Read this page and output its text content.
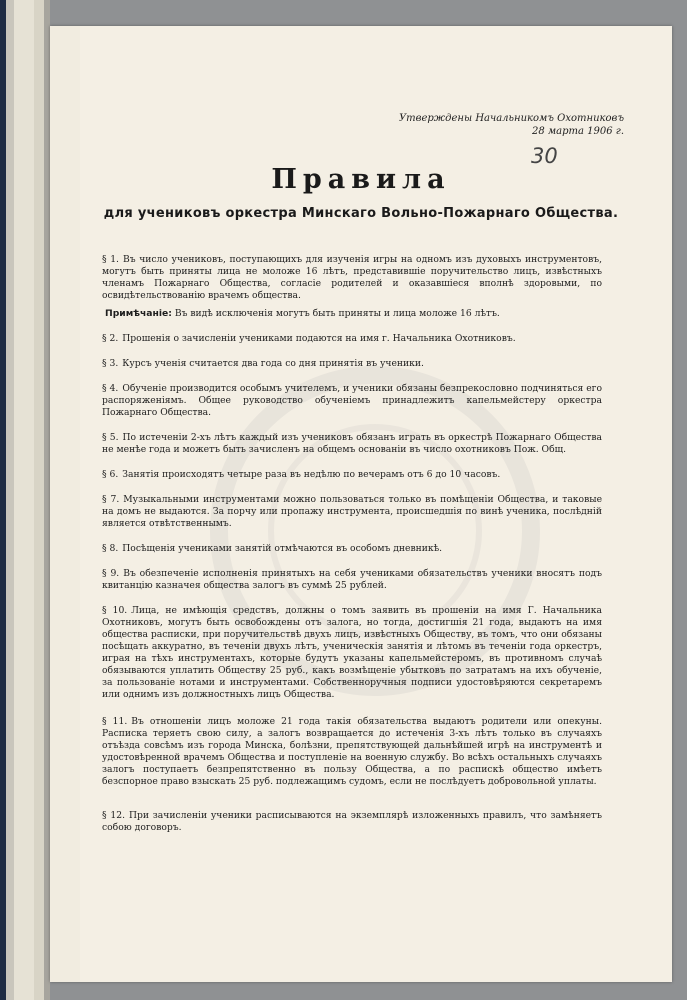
Утверждены Начальникомъ Охотниковъ
28 марта 1906 г.
30
Правила
для учениковъ оркестра Минскаго Вольно-Пожарнаго Общества.
§ 1. Въ число учениковъ, поступающихъ для изученія игры на одномъ изъ духовыхъ инструментовъ, могутъ быть приняты лица не моложе 16 лѣтъ, представившіе поручительство лицъ, извѣстныхъ членамъ Пожарнаго Общества, согласіе родителей и оказавшіеся вполнѣ здоровыми, по освидѣтельствованію врачемъ общества.
Примѣчаніе: Въ видѣ исключенія могутъ быть приняты и лица моложе 16 лѣтъ.
§ 2. Прошенія о зачисленіи учениками подаются на имя г. Начальника Охотниковъ.
§ 3. Курсъ ученія считается два года со дня принятія въ ученики.
§ 4. Обученіе производится особымъ учителемъ, и ученики обязаны безпрекословно подчиняться его распоряженіямъ. Общее руководство обученіемъ принадлежитъ капельмейстеру оркестра Пожарнаго Общества.
§ 5. По истеченіи 2-хъ лѣтъ каждый изъ учениковъ обязанъ играть въ оркестрѣ Пожарнаго Общества не менѣе года и можетъ быть зачисленъ на общемъ основаніи въ число охотниковъ Пож. Общ.
§ 6. Занятія происходятъ четыре раза въ недѣлю по вечерамъ отъ 6 до 10 часовъ.
§ 7. Музыкальными инструментами можно пользоваться только въ помѣщеніи Общества, и таковые на домъ не выдаются. За порчу или пропажу инструмента, происшедшія по винѣ ученика, послѣдній является отвѣтственнымъ.
§ 8. Посѣщенія учениками занятій отмѣчаются въ особомъ дневникѣ.
§ 9. Въ обезпеченіе исполненія принятыхъ на себя учениками обязательствъ ученики вносятъ подъ квитанцію казначея общества залогъ въ суммѣ 25 рублей.
§ 10. Лица, не имѣющія средствъ, должны о томъ заявить въ прошеніи на имя Г. Начальника Охотниковъ, могутъ быть освобождены отъ залога, но тогда, достигшія 21 года, выдаютъ на имя общества расписки, при поручительствѣ двухъ лицъ, извѣстныхъ Обществу, въ томъ, что они обязаны посѣщать аккуратно, въ теченіи двухъ лѣтъ, ученическія занятія и лѣтомъ въ теченіи года оркестръ, играя на тѣхъ инструментахъ, которые будутъ указаны капельмейстеромъ, въ противномъ случаѣ обязываются уплатить Обществу 25 руб., какъ возмѣщеніе убытковъ по затратамъ на ихъ обученіе, за пользованіе нотами и инструментами. Собственноручныя подписи удостовѣряются секретаремъ или однимъ изъ должностныхъ лицъ Общества.
§ 11. Въ отношеніи лицъ моложе 21 года такія обязательства выдаютъ родители или опекуны. Расписка теряетъ свою силу, а залогъ возвращается до истеченія 3-хъ лѣтъ только въ случаяхъ отъѣзда совсѣмъ изъ города Минска, болѣзни, препятствующей дальнѣйшей игрѣ на инструментѣ и удостовѣренной врачемъ Общества и поступленіе на военную службу. Во всѣхъ остальныхъ случаяхъ залогъ поступаетъ безпрепятственно въ пользу Общества, а по распискѣ общество имѣетъ безспорное право взыскать 25 руб. подлежащимъ судомъ, если не послѣдуетъ добровольной уплаты.
§ 12. При зачисленіи ученики расписываются на экземплярѣ изложенныхъ правилъ, что замѣняетъ собою договоръ.
